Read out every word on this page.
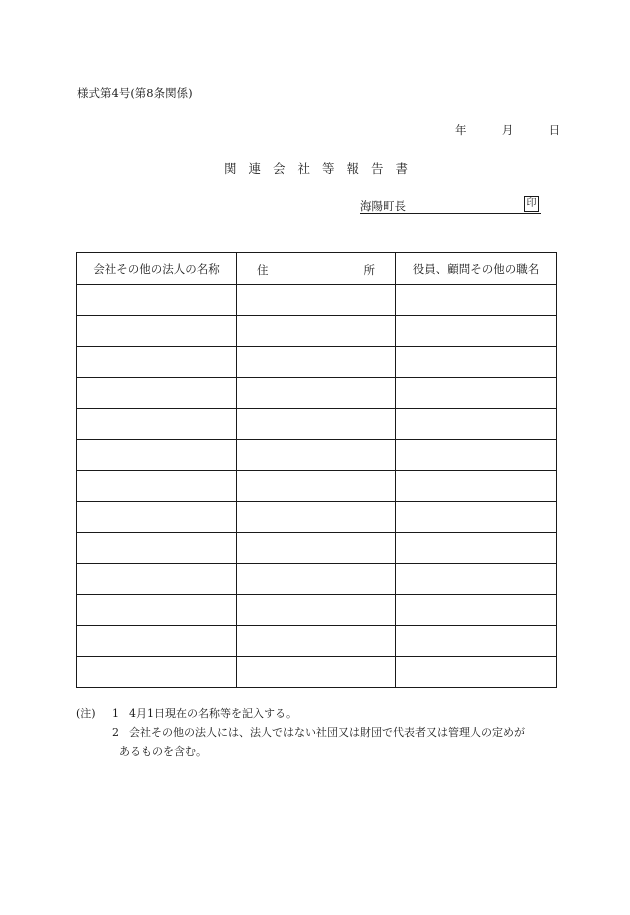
様式第4号(第8条関係)
年	月	日
関連会社等報告書
海陽町長	印
会社その他の法人の名称	住 所	役員、顧問その他の職名

(注) 1 4月1日現在の名称等を記入する。
2 会社その他の法人には、法人ではない社団又は財団で代表者又は管理人の定めが
あるものを含む。
